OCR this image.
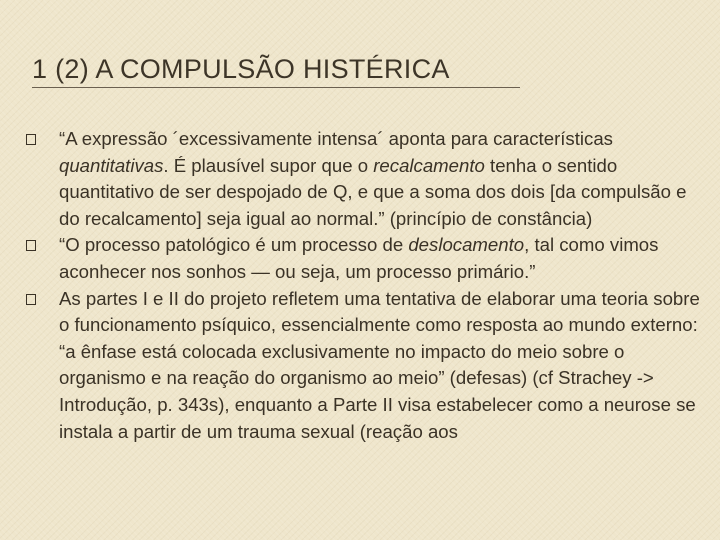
1 (2) A COMPULSÃO HISTÉRICA
“A expressão ´excessivamente intensa´ aponta para características quantitativas. É plausível supor que o recalcamento tenha o sentido quantitativo de ser despojado de Q, e que a soma dos dois [da compulsão e do recalcamento] seja igual ao normal.” (princípio de constância)
“O processo patológico é um processo de deslocamento, tal como vimos aconhecer nos sonhos — ou seja, um processo primário.”
As partes I e II do projeto refletem uma tentativa de elaborar uma teoria sobre o funcionamento psíquico, essencialmente como resposta ao mundo externo: “a ênfase está colocada exclusivamente no impacto do meio sobre o organismo e na reação do organismo ao meio” (defesas) (cf Strachey -> Introdução, p. 343s), enquanto a Parte II visa estabelecer como a neurose se instala a partir de um trauma sexual (reação aos
